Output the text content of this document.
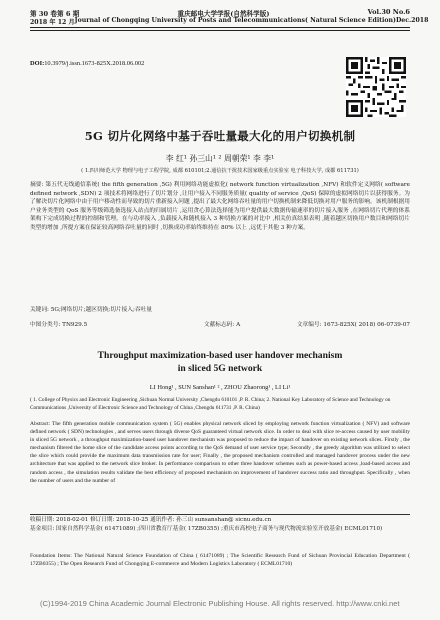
第 30 卷第 6 期	重庆邮电大学学报(自然科学版)	Vol.30 No.6
2018 年 12 月 Journal of Chongqing University of Posts and Telecommunications( Natural Science Edition) Dec.2018
DOI:10.3979/j.issn.1673-825X.2018.06.002
5G 切片化网络中基于吞吐量最大化的用户切换机制
李 红¹ 孙三山¹ ² 周朝荣¹ 李 李¹
( 1.四川师范大学 物理与电子工程学院, 成都 610101;2.通信抗干扰技术国家级重点实验室 电子科技大学, 成都 611731)
摘要: 第五代无线通信系统( the fifth generation ,5G) 利用网络功能虚拟化( network function virtualization ,NFV) 和软件定义网络( software defined network ,SDN) 2 项技术将网络进行了切片划分 ,让用户接入不同服务质量( quality of service ,QoS) 保障的虚拟网络切片以获得服务。为了解决切片化网络中由于用户移动性而导致的切片重新接入问题 ,提出了最大化网络吞吐量的用户切换机制来降低切换对用户服务的影响。该机制根据用户业务类型的 QoS 服务等级筛选备选接入站点的归属切片 ,运用贪心算法选择能为用户提供最大数据传输速率的切片接入服务 ,在网络切片代理的体系架构下完成切换过程的控制和管理。在与功率接入 ,负载接入和随机接入 3 种切换方案的对比中 ,相关仿真结果表明 ,随着越区切换用户数目和网络切片类型的增加 ,所提方案在保证较高网络吞吐量的同时 ,切换成功率始终维持在 80% 以上 ,远优于其他 3 种方案。
关键词: 5G;网络切片;越区切换;切片接入;吞吐量
中图分类号: TN929.5	文献标志码: A	文章编号: 1673-825X( 2018) 06-0739-07
Throughput maximization-based user handover mechanism
in sliced 5G network
LI Hong¹ , SUN Sanshan¹ ² , ZHOU Zhaorong¹ , LI Li¹
( 1. College of Physics and Electronic Engineering ,Sichuan Normal University ,Chengdu 610101 ,P. R. China; 2. National Key Laboratory of Science and Technology on Communications ,University of Electronic Science and Technology of China ,Chengdu 611731 ,P. R. China)
Abstract: The fifth generation mobile communication system ( 5G) enables physical network sliced by employing network function virtualization ( NFV) and software defined network ( SDN) technologies , and serves users through diverse QoS guaranteed virtual network slice. In order to deal with slice re-access caused by user mobility in sliced 5G network , a throughput maximization-based user handover mechanism was proposed to reduce the impact of handover on existing network slices. Firstly , the mechanism filtered the home slice of the candidate access points according to the QoS demand of user service type; Secondly , the greedy algorithm was utilized to select the slice which could provide the maximum data transmission rate for user; Finally , the proposed mechanism controlled and managed handover process under the new architecture that was applied to the network slice broker. In performance comparison to other three handover schemes such as power-based access ,load-based access and random access , the simulation results validate the best efficiency of proposed mechanism on improvement of handover success ratio and throughput. Specifically , when the number of users and the number of
收稿日期: 2018-02-01 修订日期: 2018-10-25 通讯作者: 孙三山 sunsanshan@ sicnu.edu.cn
基金项目: 国家自然科学基金( 61471089) ;四川省教育厅基金( 17ZB0355) ;重庆市高校电子商务与现代物流实验室开放基金( ECML01710)
Foundation Items: The National Natural Science Foundation of China ( 61471089) ; The Scientific Research Fund of Sichuan Provincial Education Department ( 17ZB0355) ; The Open Research Fund of Chongqing E-commerce and Modern Logistics Laboratory ( ECML01710)
(C)1994-2019 China Academic Journal Electronic Publishing House. All rights reserved. http://www.cnki.net
